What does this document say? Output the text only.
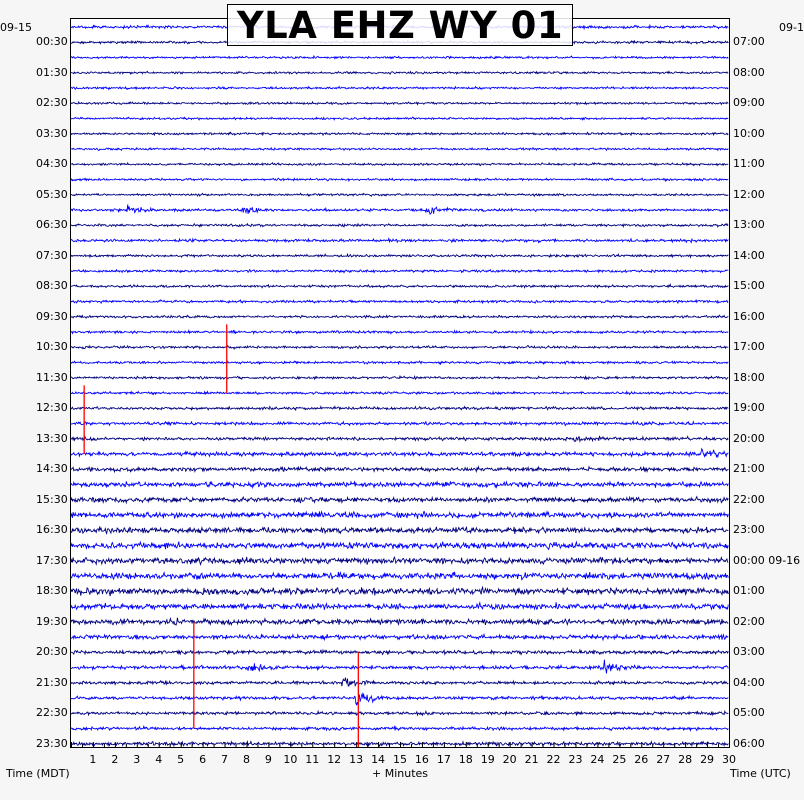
YLA EHZ WY 01
09-15	09-1
00:30
01:30
02:30
03:30
04:30
05:30
06:30
07:30
08:30
09:30
10:30
11:30
12:30
13:30
14:30
15:30
16:30
17:30
18:30
19:30
20:30
21:30
22:30
23:30
07:00
08:00
09:00
10:00
11:00
12:00
13:00
14:00
15:00
16:00
17:00
18:00
19:00
20:00
21:00
22:00
23:00
00:00 09-16
01:00
02:00
03:00
04:00
05:00
06:00
1 2 3 4 5 6 7 8 9 10 11 12 13 14 15 16 17 18 19 20 21 22 23 24 25 26 27 28 29 30
Time (MDT)	+ Minutes	Time (UTC)
